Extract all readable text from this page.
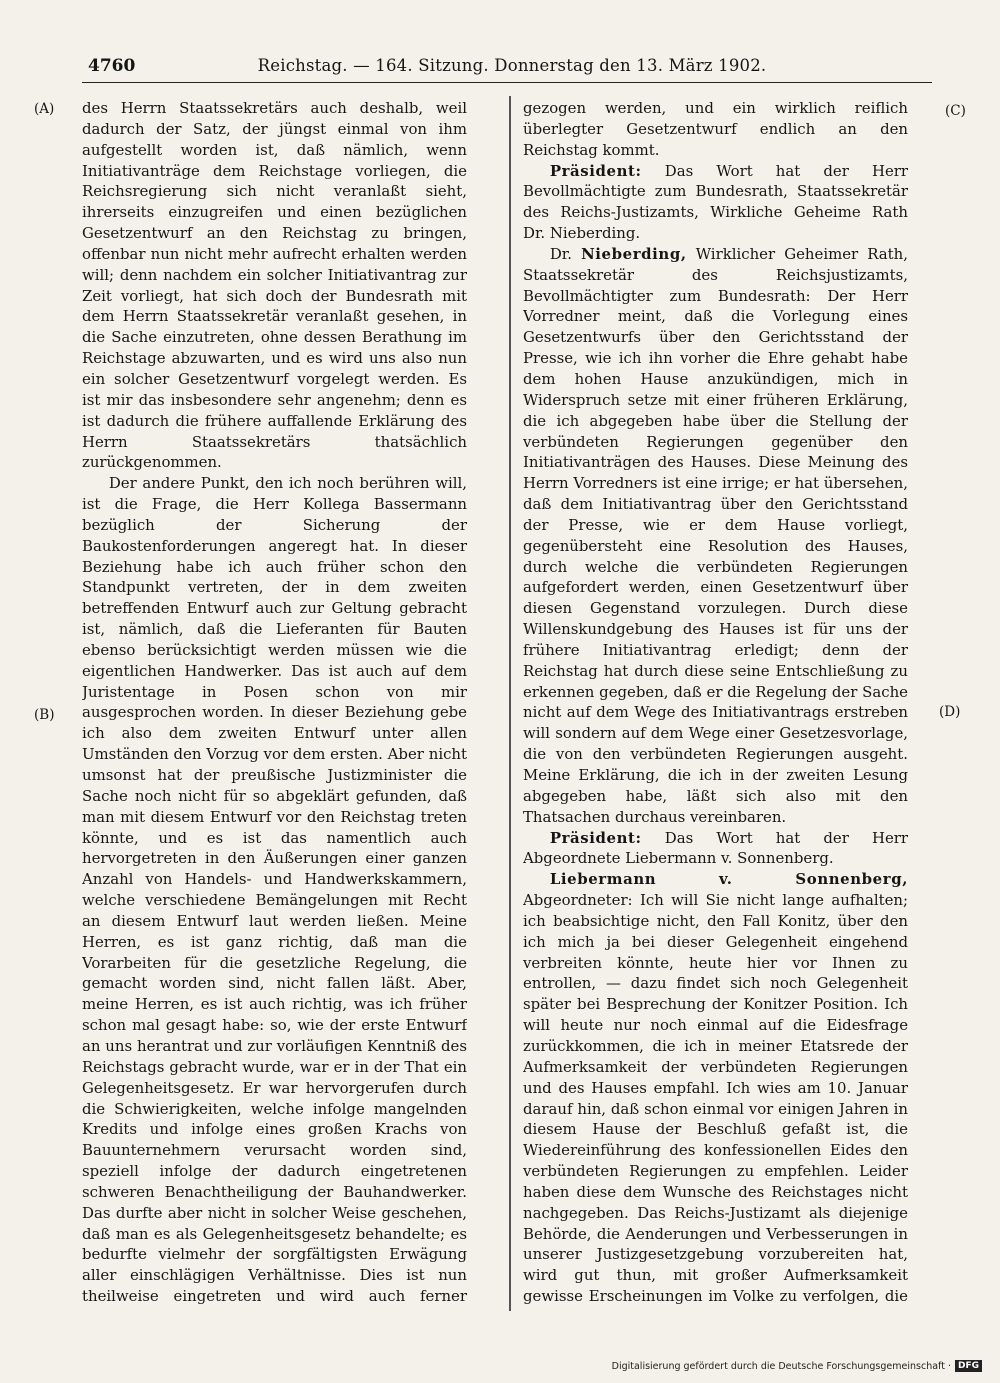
4760	Reichstag. — 164. Sitzung. Donnerstag den 13. März 1902.
(A)
(B)
(C)
(D)

des Herrn Staatssekretärs auch deshalb, weil dadurch der Satz, der jüngst einmal von ihm aufgestellt worden ist, daß nämlich, wenn Initiativanträge dem Reichstage vorliegen, die Reichsregierung sich nicht veranlaßt sieht, ihrerseits einzugreifen und einen bezüglichen Gesetzentwurf an den Reichstag zu bringen, offenbar nun nicht mehr aufrecht erhalten werden will; denn nachdem ein solcher Initiativantrag zur Zeit vorliegt, hat sich doch der Bundesrath mit dem Herrn Staatssekretär veranlaßt gesehen, in die Sache einzutreten, ohne dessen Berathung im Reichstage abzuwarten, und es wird uns also nun ein solcher Gesetzentwurf vorgelegt werden. Es ist mir das insbesondere sehr angenehm; denn es ist dadurch die frühere auffallende Erklärung des Herrn Staatssekretärs thatsächlich zurückgenommen.

Der andere Punkt, den ich noch berühren will, ist die Frage, die Herr Kollega Bassermann bezüglich der Sicherung der Baukostenforderungen angeregt hat. In dieser Beziehung habe ich auch früher schon den Standpunkt vertreten, der in dem zweiten betreffenden Entwurf auch zur Geltung gebracht ist, nämlich, daß die Lieferanten für Bauten ebenso berücksichtigt werden müssen wie die eigentlichen Handwerker. Das ist auch auf dem Juristentage in Posen schon von mir ausgesprochen worden. In dieser Beziehung gebe ich also dem zweiten Entwurf unter allen Umständen den Vorzug vor dem ersten. Aber nicht umsonst hat der preußische Justizminister die Sache noch nicht für so abgeklärt gefunden, daß man mit diesem Entwurf vor den Reichstag treten könnte, und es ist das namentlich auch hervorgetreten in den Äußerungen einer ganzen Anzahl von Handels- und Handwerkskammern, welche verschiedene Bemängelungen mit Recht an diesem Entwurf laut werden ließen. Meine Herren, es ist ganz richtig, daß man die Vorarbeiten für die gesetzliche Regelung, die gemacht worden sind, nicht fallen läßt. Aber, meine Herren, es ist auch richtig, was ich früher schon mal gesagt habe: so, wie der erste Entwurf an uns herantrat und zur vorläufigen Kenntniß des Reichstags gebracht wurde, war er in der That ein Gelegenheitsgesetz. Er war hervorgerufen durch die Schwierigkeiten, welche infolge mangelnden Kredits und infolge eines großen Krachs von Bauunternehmern verursacht worden sind, speziell infolge der dadurch eingetretenen schweren Benachtheiligung der Bauhandwerker. Das durfte aber nicht in solcher Weise geschehen, daß man es als Gelegenheitsgesetz behandelte; es bedurfte vielmehr der sorgfältigsten Erwägung aller einschlägigen Verhältnisse. Dies ist nun theilweise eingetreten und wird auch ferner

gezogen werden, und ein wirklich reiflich überlegter Gesetzentwurf endlich an den Reichstag kommt.

Präsident: Das Wort hat der Herr Bevollmächtigte zum Bundesrath, Staatssekretär des Reichs-Justizamts, Wirkliche Geheime Rath Dr. Nieberding.

Dr. Nieberding, Wirklicher Geheimer Rath, Staatssekretär des Reichsjustizamts, Bevollmächtigter zum Bundesrath: Der Herr Vorredner meint, daß die Vorlegung eines Gesetzentwurfs über den Gerichtsstand der Presse, wie ich ihn vorher die Ehre gehabt habe dem hohen Hause anzukündigen, mich in Widerspruch setze mit einer früheren Erklärung, die ich abgegeben habe über die Stellung der verbündeten Regierungen gegenüber den Initiativanträgen des Hauses. Diese Meinung des Herrn Vorredners ist eine irrige; er hat übersehen, daß dem Initiativantrag über den Gerichtsstand der Presse, wie er dem Hause vorliegt, gegenübersteht eine Resolution des Hauses, durch welche die verbündeten Regierungen aufgefordert werden, einen Gesetzentwurf über diesen Gegenstand vorzulegen. Durch diese Willenskundgebung des Hauses ist für uns der frühere Initiativantrag erledigt; denn der Reichstag hat durch diese seine Entschließung zu erkennen gegeben, daß er die Regelung der Sache nicht auf dem Wege des Initiativantrags erstreben will sondern auf dem Wege einer Gesetzesvorlage, die von den verbündeten Regierungen ausgeht. Meine Erklärung, die ich in der zweiten Lesung abgegeben habe, läßt sich also mit den Thatsachen durchaus vereinbaren.

Präsident: Das Wort hat der Herr Abgeordnete Liebermann v. Sonnenberg.

Liebermann v. Sonnenberg, Abgeordneter: Ich will Sie nicht lange aufhalten; ich beabsichtige nicht, den Fall Konitz, über den ich mich ja bei dieser Gelegenheit eingehend verbreiten könnte, heute hier vor Ihnen zu entrollen, — dazu findet sich noch Gelegenheit später bei Besprechung der Konitzer Position. Ich will heute nur noch einmal auf die Eidesfrage zurückkommen, die ich in meiner Etatsrede der Aufmerksamkeit der verbündeten Regierungen und des Hauses empfahl. Ich wies am 10. Januar darauf hin, daß schon einmal vor einigen Jahren in diesem Hause der Beschluß gefaßt ist, die Wiedereinführung des konfessionellen Eides den verbündeten Regierungen zu empfehlen. Leider haben diese dem Wunsche des Reichstages nicht nachgegeben. Das Reichs-Justizamt als diejenige Behörde, die Aenderungen und Verbesserungen in unserer Justizgesetzgebung vorzubereiten hat, wird gut thun, mit großer Aufmerksamkeit gewisse Erscheinungen im Volke zu verfolgen, die

Digitalisierung gefördert durch die Deutsche Forschungsgemeinschaft · DFG
